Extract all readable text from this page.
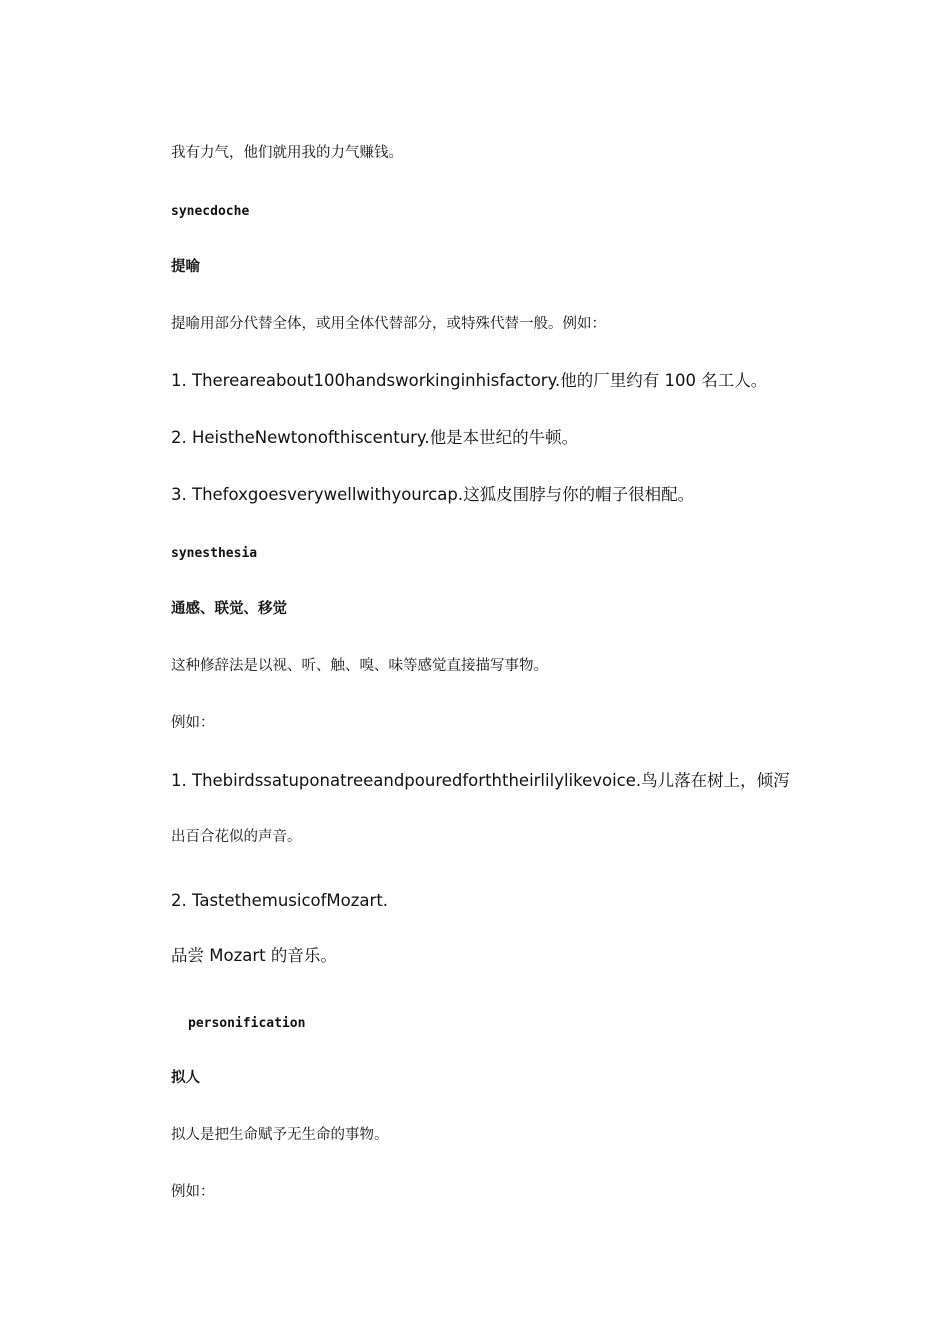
我有力气，他们就用我的力气赚钱。
synecdoche
提喻
提喻用部分代替全体，或用全体代替部分，或特殊代替一般。例如：
1. Thereareabout100handsworkinginhisfactory.他的厂里约有 100 名工人。
2. HeistheNewtonofthiscentury.他是本世纪的牛顿。
3. Thefoxgoesverywellwithyourcap.这狐皮围脖与你的帽子很相配。
synesthesia
通感、联觉、移觉
这种修辞法是以视、听、触、嗅、味等感觉直接描写事物。
例如：
1. Thebirdssatuponatreeandpouredforththeirlilylikevoice.鸟儿落在树上，倾泻
出百合花似的声音。
2. TastethemusicofMozart.
品尝 Mozart 的音乐。
personification
拟人
拟人是把生命赋予无生命的事物。
例如：
